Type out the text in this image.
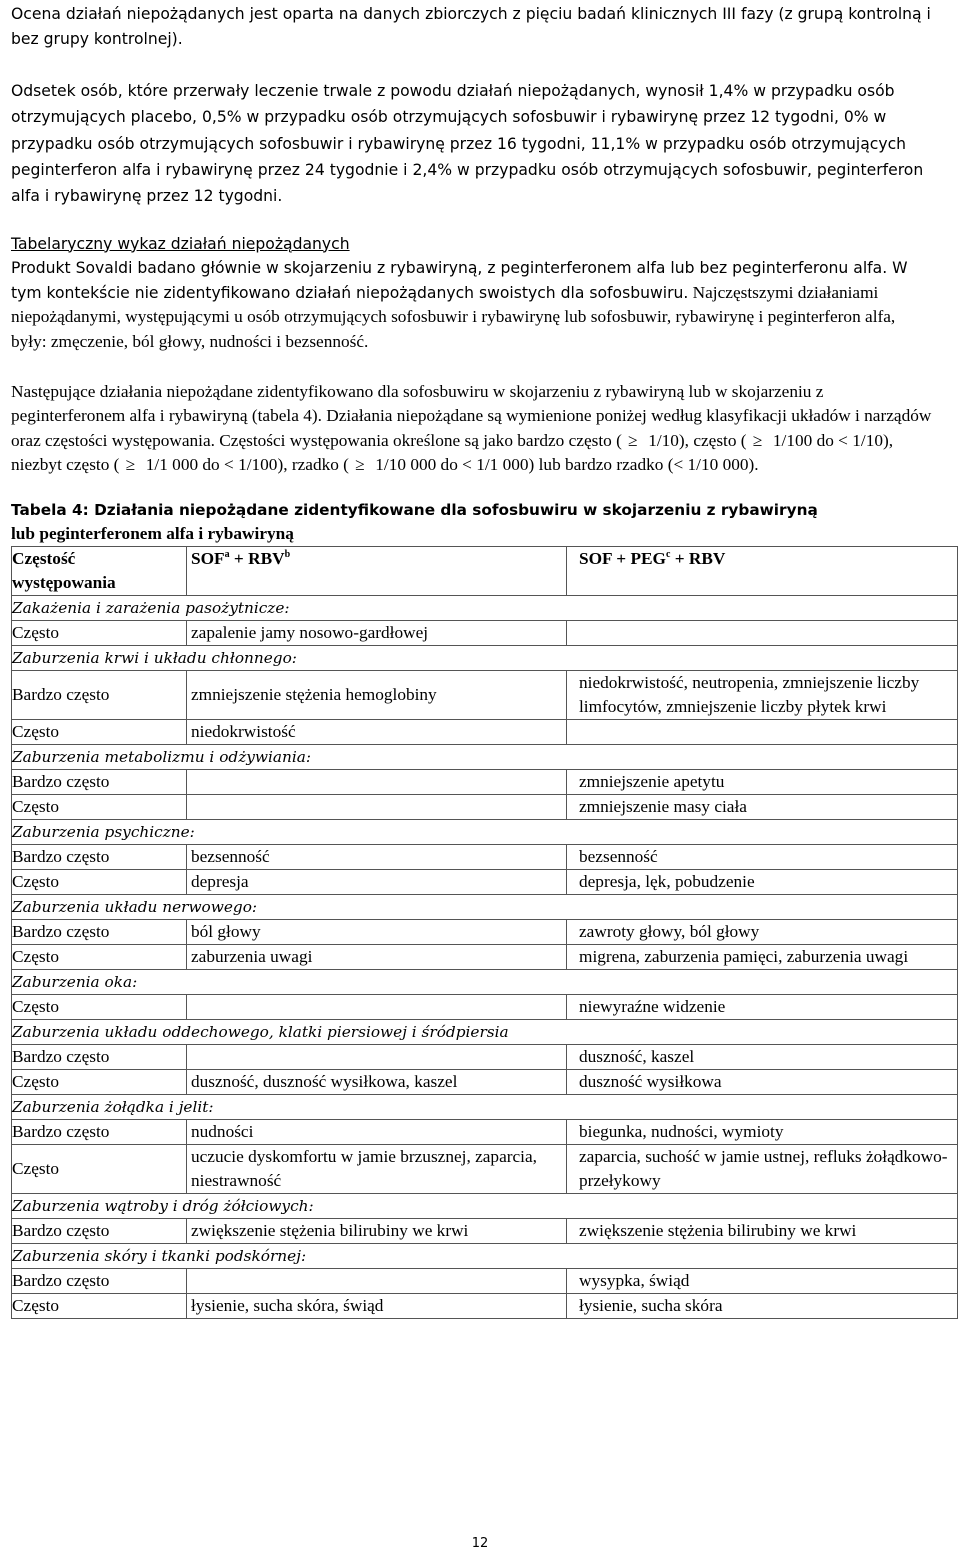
Ocena działań niepożądanych jest oparta na danych zbiorczych z pięciu badań klinicznych III fazy (z grupą kontrolną i bez grupy kontrolnej).

Odsetek osób, które przerwały leczenie trwale z powodu działań niepożądanych, wynosił 1,4% w przypadku osób otrzymujących placebo, 0,5% w przypadku osób otrzymujących sofosbuwir i rybawirynę przez 12 tygodni, 0% w przypadku osób otrzymujących sofosbuwir i rybawirynę przez 16 tygodni, 11,1% w przypadku osób otrzymujących peginterferon alfa i rybawirynę przez 24 tygodnie i 2,4% w przypadku osób otrzymujących sofosbuwir, peginterferon alfa i rybawirynę przez 12 tygodni.

Tabelaryczny wykaz działań niepożądanych

Produkt Sovaldi badano głównie w skojarzeniu z rybawiryną, z peginterferonem alfa lub bez peginterferonu alfa. W tym kontekście nie zidentyfikowano działań niepożądanych swoistych dla sofosbuwiru. Najczęstszymi działaniami niepożądanymi, występującymi u osób otrzymujących sofosbuwir i rybawirynę lub sofosbuwir, rybawirynę i peginterferon alfa, były: zmęczenie, ból głowy, nudności i bezsenność.

Następujące działania niepożądane zidentyfikowano dla sofosbuwiru w skojarzeniu z rybawiryną lub w skojarzeniu z peginterferonem alfa i rybawiryną (tabela 4). Działania niepożądane są wymienione poniżej według klasyfikacji układów i narządów oraz częstości występowania. Częstości występowania określone są jako bardzo często ( ≥ 1/10), często ( ≥ 1/100 do < 1/10), niezbyt często ( ≥ 1/1 000 do < 1/100), rzadko ( ≥ 1/10 000 do < 1/1 000) lub bardzo rzadko (< 1/10 000).

Tabela 4: Działania niepożądane zidentyfikowane dla sofosbuwiru w skojarzeniu z rybawiryną
lub peginterferonem alfa i rybawiryną
Częstość występowania	$SOF^a + RBV^b$	SOF + $PEG^c$ + RBV
Zakażenia i zarażenia pasożytnicze:		
Często	zapalenie jamy nosowo-gardłowej	
Zaburzenia krwi i układu chłonnego:		
Bardzo często	zmniejszenie stężenia hemoglobiny	niedokrwistość, neutropenia, zmniejszenie liczby limfocytów, zmniejszenie liczby płytek krwi
Często	niedokrwistość	
Zaburzenia metabolizmu i odżywiania:		
Bardzo często		zmniejszenie apetytu
Często		zmniejszenie masy ciała
Zaburzenia psychiczne:		
Bardzo często	bezsenność	bezsenność
Często	depresja	depresja, lęk, pobudzenie
Zaburzenia układu nerwowego:		
Bardzo często	ból głowy	zawroty głowy, ból głowy
Często	zaburzenia uwagi	migrena, zaburzenia pamięci, zaburzenia uwagi
Zaburzenia oka:		
Często		niewyraźne widzenie
Zaburzenia układu oddechowego, klatki piersiowej i śródpiersia		
Bardzo często		duszność, kaszel
Często	duszność, duszność wysiłkowa, kaszel	duszność wysiłkowa
Zaburzenia żołądka i jelit:		
Bardzo często	nudności	biegunka, nudności, wymioty
Często	uczucie dyskomfortu w jamie brzusznej, zaparcia, niestrawność	zaparcia, suchość w jamie ustnej, refluks żołądkowo-przełykowy
Zaburzenia wątroby i dróg żółciowych:		
Bardzo często	zwiększenie stężenia bilirubiny we krwi	zwiększenie stężenia bilirubiny we krwi
Zaburzenia skóry i tkanki podskórnej:		
Bardzo często		wysypka, świąd
Często	łysienie, sucha skóra, świąd	łysienie, sucha skóra
12
